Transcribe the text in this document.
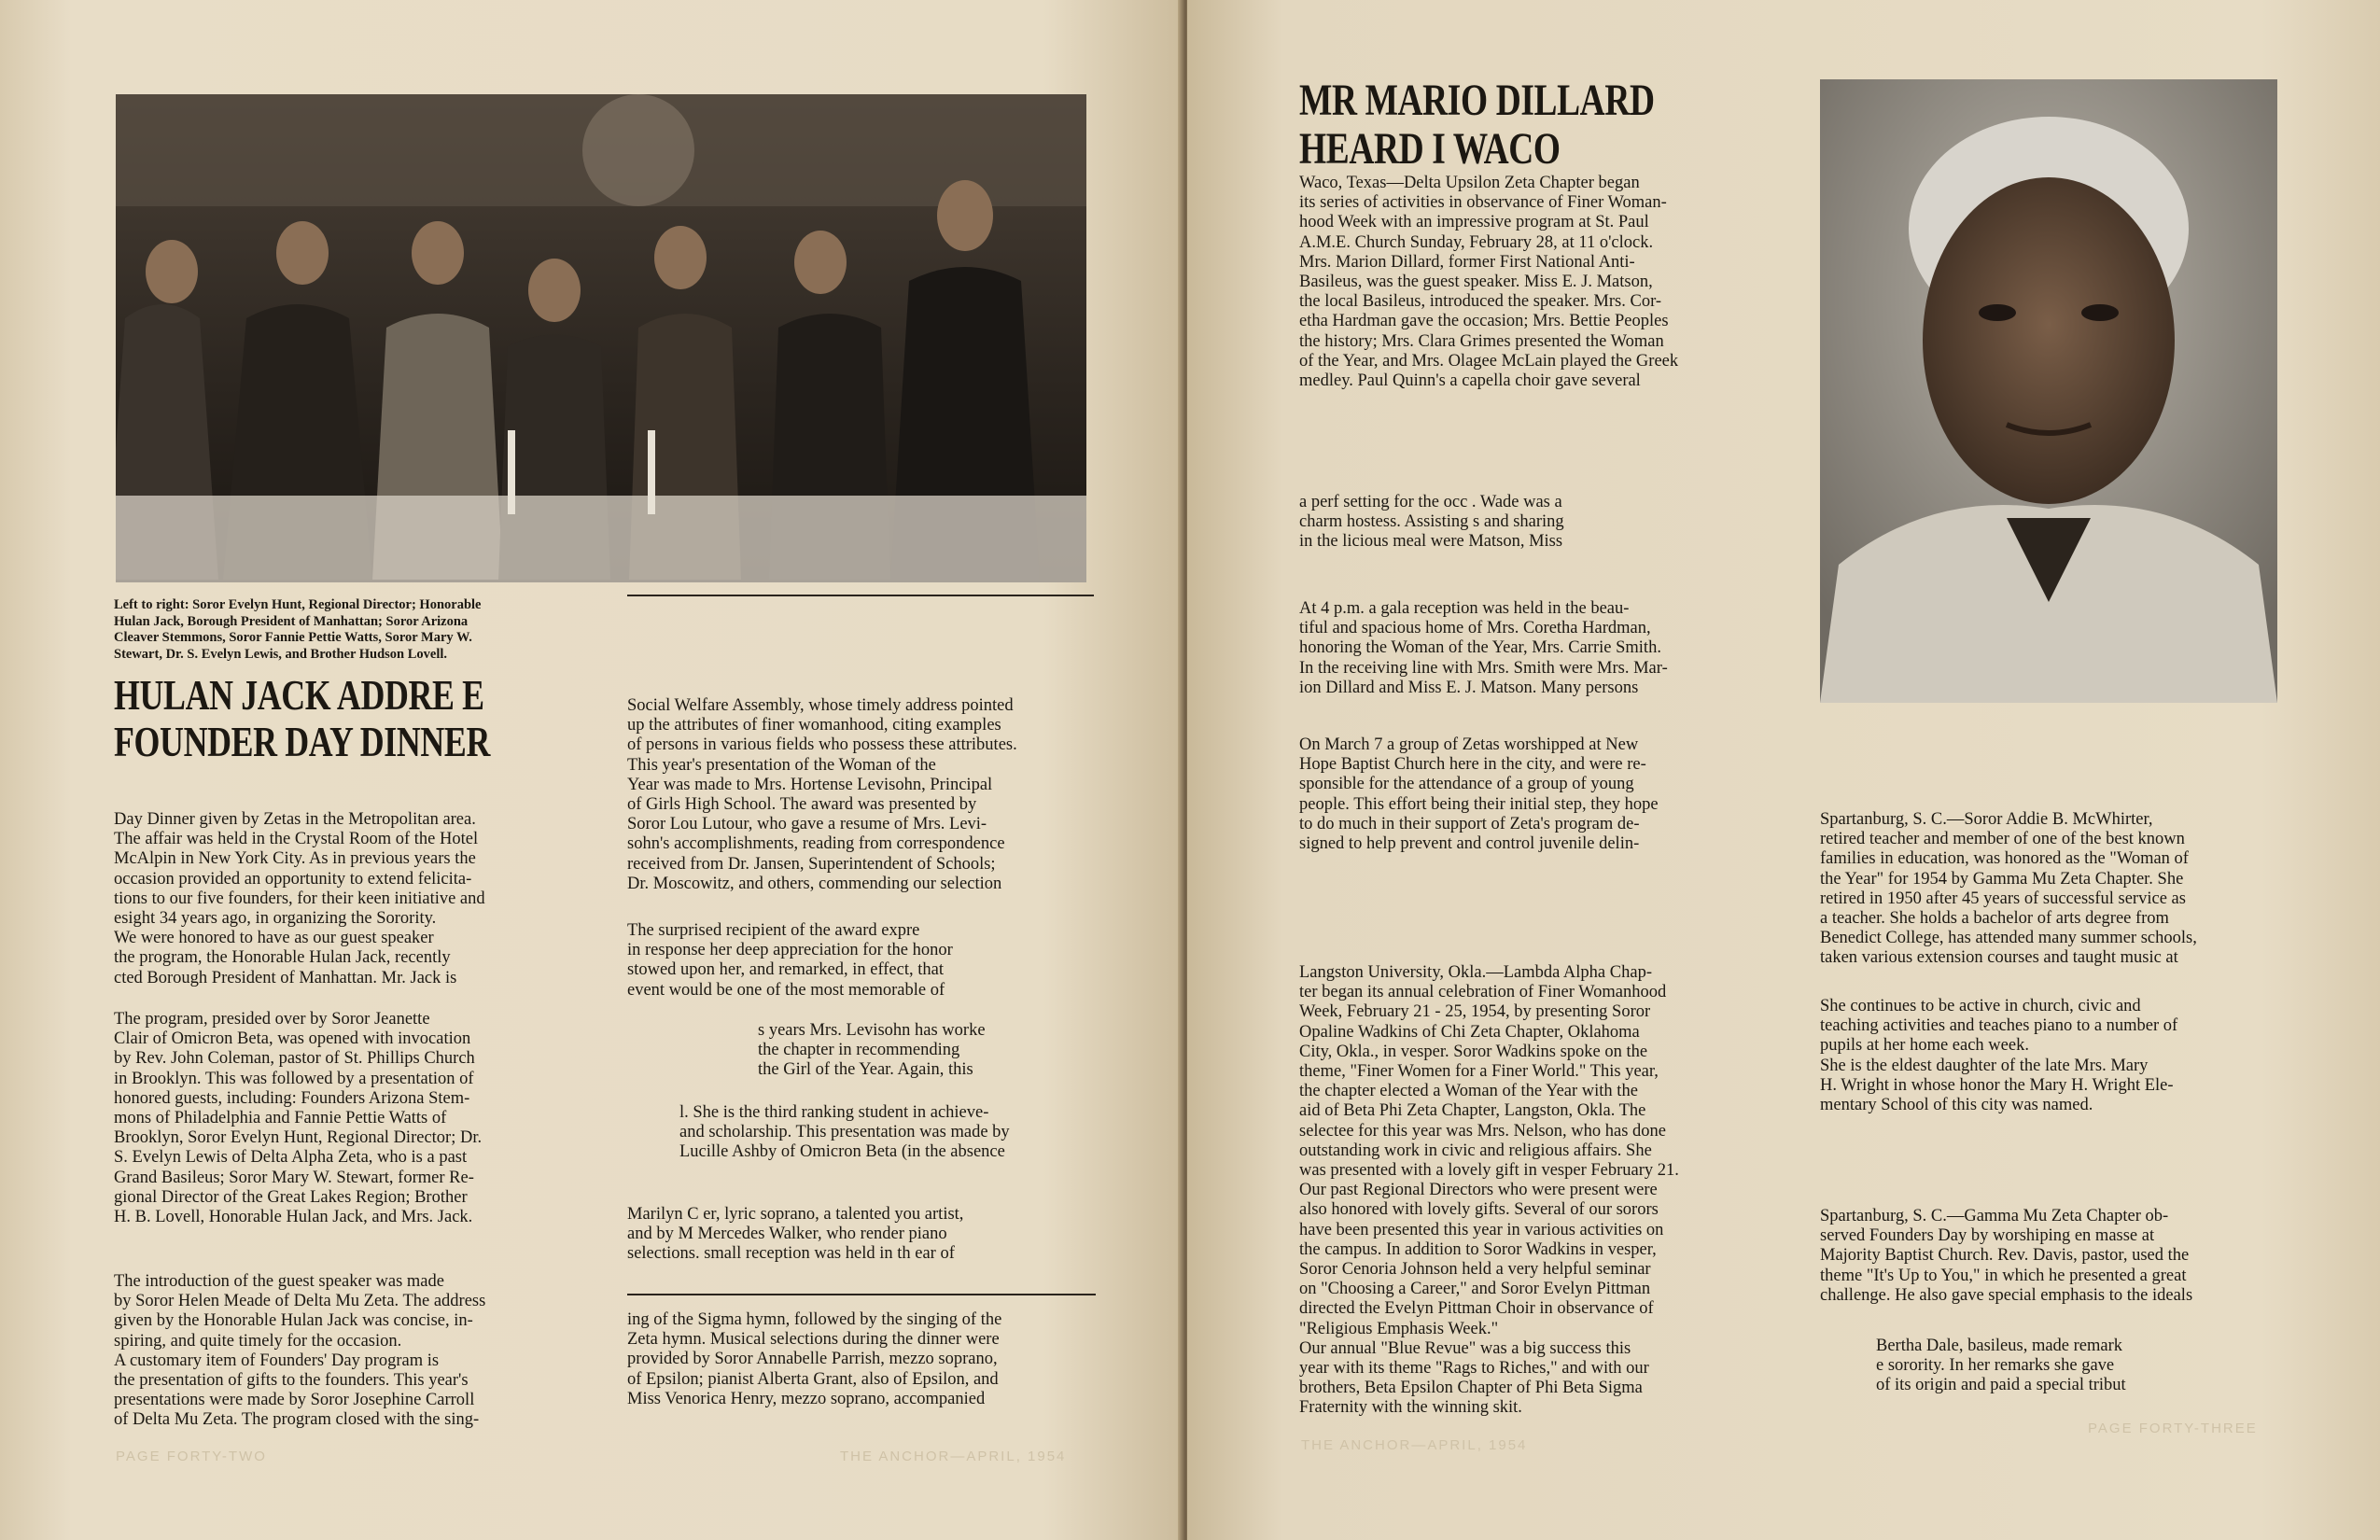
Left to right: Soror Evelyn Hunt, Regional Director; Honorable
Hulan Jack, Borough President of Manhattan; Soror Arizona
Cleaver Stemmons, Soror Fannie Pettie Watts, Soror Mary W.
Stewart, Dr. S. Evelyn Lewis, and Brother Hudson Lovell.
HULAN JACK ADDRE E
FOUNDER DAY DINNER
Day Dinner given by Zetas in the Metropolitan area.
The affair was held in the Crystal Room of the Hotel
McAlpin in New York City. As in previous years the
occasion provided an opportunity to extend felicita-
tions to our five founders, for their keen initiative and
esight 34 years ago, in organizing the Sorority.
We were honored to have as our guest speaker
the program, the Honorable Hulan Jack, recently
cted Borough President of Manhattan. Mr. Jack is
The program, presided over by Soror Jeanette
Clair of Omicron Beta, was opened with invocation
by Rev. John Coleman, pastor of St. Phillips Church
in Brooklyn. This was followed by a presentation of
honored guests, including: Founders Arizona Stem-
mons of Philadelphia and Fannie Pettie Watts of
Brooklyn, Soror Evelyn Hunt, Regional Director; Dr.
S. Evelyn Lewis of Delta Alpha Zeta, who is a past
Grand Basileus; Soror Mary W. Stewart, former Re-
gional Director of the Great Lakes Region; Brother
H. B. Lovell, Honorable Hulan Jack, and Mrs. Jack.
The introduction of the guest speaker was made
by Soror Helen Meade of Delta Mu Zeta. The address
given by the Honorable Hulan Jack was concise, in-
spiring, and quite timely for the occasion.
A customary item of Founders' Day program is
the presentation of gifts to the founders. This year's
presentations were made by Soror Josephine Carroll
of Delta Mu Zeta. The program closed with the sing-
Social Welfare Assembly, whose timely address pointed
up the attributes of finer womanhood, citing examples
of persons in various fields who possess these attributes.
This year's presentation of the Woman of the
Year was made to Mrs. Hortense Levisohn, Principal
of Girls High School. The award was presented by
Soror Lou Lutour, who gave a resume of Mrs. Levi-
sohn's accomplishments, reading from correspondence
received from Dr. Jansen, Superintendent of Schools;
Dr. Moscowitz, and others, commending our selection
The surprised recipient of the award expre
in response her deep appreciation for the honor
stowed upon her, and remarked, in effect, that
event would be one of the most memorable of
s years Mrs. Levisohn has worke
the chapter in recommending
the Girl of the Year. Again, this
l. She is the third ranking student in achieve-
and scholarship. This presentation was made by
Lucille Ashby of Omicron Beta (in the absence
Marilyn C er, lyric soprano, a talented you artist,
and by M Mercedes Walker, who render piano
selections. small reception was held in th ear of
ing of the Sigma hymn, followed by the singing of the
Zeta hymn. Musical selections during the dinner were
provided by Soror Annabelle Parrish, mezzo soprano,
of Epsilon; pianist Alberta Grant, also of Epsilon, and
Miss Venorica Henry, mezzo soprano, accompanied
PAGE FORTY-TWO	THE ANCHOR—APRIL, 1954
MR MARIO DILLARD
HEARD I WACO
Waco, Texas—Delta Upsilon Zeta Chapter began
its series of activities in observance of Finer Woman-
hood Week with an impressive program at St. Paul
A.M.E. Church Sunday, February 28, at 11 o'clock.
Mrs. Marion Dillard, former First National Anti-
Basileus, was the guest speaker. Miss E. J. Matson,
the local Basileus, introduced the speaker. Mrs. Cor-
etha Hardman gave the occasion; Mrs. Bettie Peoples
the history; Mrs. Clara Grimes presented the Woman
of the Year, and Mrs. Olagee McLain played the Greek
medley. Paul Quinn's a capella choir gave several
a perf setting for the occ . Wade was a
charm hostess. Assisting s and sharing
in the licious meal were Matson, Miss
At 4 p.m. a gala reception was held in the beau-
tiful and spacious home of Mrs. Coretha Hardman,
honoring the Woman of the Year, Mrs. Carrie Smith.
In the receiving line with Mrs. Smith were Mrs. Mar-
ion Dillard and Miss E. J. Matson. Many persons
On March 7 a group of Zetas worshipped at New
Hope Baptist Church here in the city, and were re-
sponsible for the attendance of a group of young
people. This effort being their initial step, they hope
to do much in their support of Zeta's program de-
signed to help prevent and control juvenile delin-
Langston University, Okla.—Lambda Alpha Chap-
ter began its annual celebration of Finer Womanhood
Week, February 21 - 25, 1954, by presenting Soror
Opaline Wadkins of Chi Zeta Chapter, Oklahoma
City, Okla., in vesper. Soror Wadkins spoke on the
theme, "Finer Women for a Finer World." This year,
the chapter elected a Woman of the Year with the
aid of Beta Phi Zeta Chapter, Langston, Okla. The
selectee for this year was Mrs. Nelson, who has done
outstanding work in civic and religious affairs. She
was presented with a lovely gift in vesper February 21.
Our past Regional Directors who were present were
also honored with lovely gifts. Several of our sorors
have been presented this year in various activities on
the campus. In addition to Soror Wadkins in vesper,
Soror Cenoria Johnson held a very helpful seminar
on "Choosing a Career," and Soror Evelyn Pittman
directed the Evelyn Pittman Choir in observance of
"Religious Emphasis Week."
Our annual "Blue Revue" was a big success this
year with its theme "Rags to Riches," and with our
brothers, Beta Epsilon Chapter of Phi Beta Sigma
Fraternity with the winning skit.
Spartanburg, S. C.—Soror Addie B. McWhirter,
retired teacher and member of one of the best known
families in education, was honored as the "Woman of
the Year" for 1954 by Gamma Mu Zeta Chapter. She
retired in 1950 after 45 years of successful service as
a teacher. She holds a bachelor of arts degree from
Benedict College, has attended many summer schools,
taken various extension courses and taught music at
She continues to be active in church, civic and
teaching activities and teaches piano to a number of
pupils at her home each week.
She is the eldest daughter of the late Mrs. Mary
H. Wright in whose honor the Mary H. Wright Ele-
mentary School of this city was named.
Spartanburg, S. C.—Gamma Mu Zeta Chapter ob-
served Founders Day by worshiping en masse at
Majority Baptist Church. Rev. Davis, pastor, used the
theme "It's Up to You," in which he presented a great
challenge. He also gave special emphasis to the ideals
Bertha Dale, basileus, made remark
e sorority. In her remarks she gave
of its origin and paid a special tribut
THE ANCHOR—APRIL, 1954
PAGE FORTY-THREE
